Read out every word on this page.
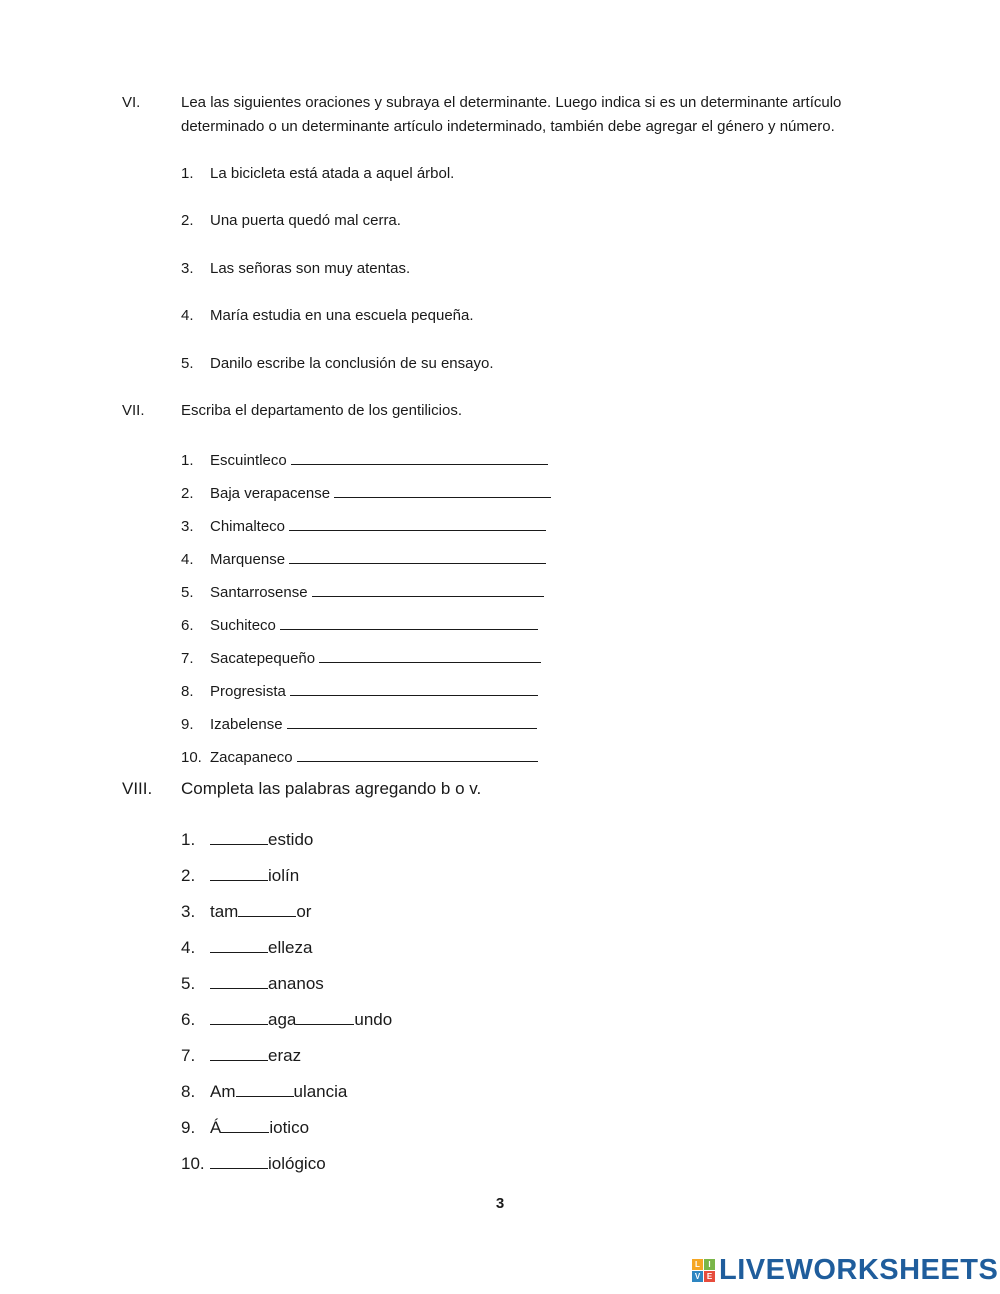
VI.	Lea las siguientes oraciones y subraya el determinante. Luego indica si es un determinante artículo
determinado o un determinante artículo indeterminado, también debe agregar el género y número.
1. La bicicleta está atada a aquel árbol.
2. Una puerta quedó mal cerra.
3. Las señoras son muy atentas.
4. María estudia en una escuela pequeña.
5. Danilo escribe la conclusión de su ensayo.
VII. Escriba el departamento de los gentilicios.
1. Escuintleco
2. Baja verapacense
3. Chimalteco
4. Marquense
5. Santarrosense
6. Suchiteco
7. Sacatepequeño
8. Progresista
9. Izabelense
10. Zacapaneco
VIII. Completa las palabras agregando b o v.
1.	estido
2.	iolín
3. tam	or
4.	elleza
5.	ananos
6.	aga	undo
7.	eraz
8. Am	ulancia
9. Á	iotico
10.	iológico
3
L	I
V E LIVEWORKSHEETS
